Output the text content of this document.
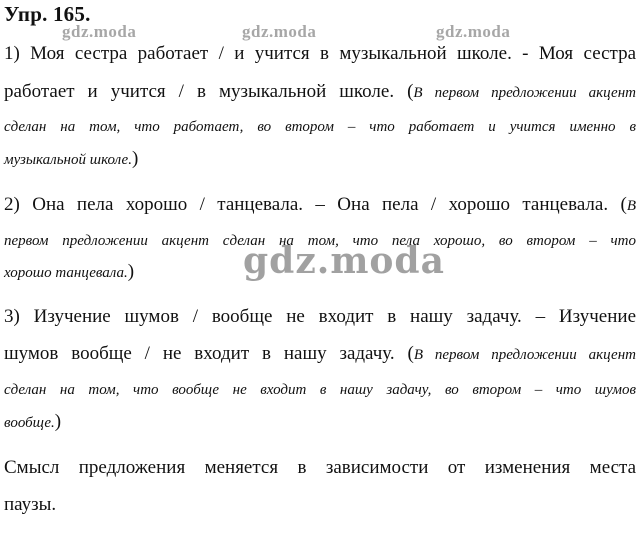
Упр. 165.
gdz.moda	gdz.moda	gdz.moda
gdz.moda
1) Моя сестра работает / и учится в музыкальной школе. - Моя сестра
работает и учится / в музыкальной школе. (В первом предложении акцент
сделан на том, что работает, во втором – что работает и учится именно в
музыкальной школе.)
2) Она пела хорошо / танцевала. – Она пела / хорошо танцевала. (В
первом предложении акцент сделан на том, что пела хорошо, во втором – что
хорошо танцевала.)
3) Изучение шумов / вообще не входит в нашу задачу. – Изучение
шумов вообще / не входит в нашу задачу. (В первом предложении акцент
сделан на том, что вообще не входит в нашу задачу, во втором – что шумов
вообще.)
Смысл предложения меняется в зависимости от изменения места
паузы.
